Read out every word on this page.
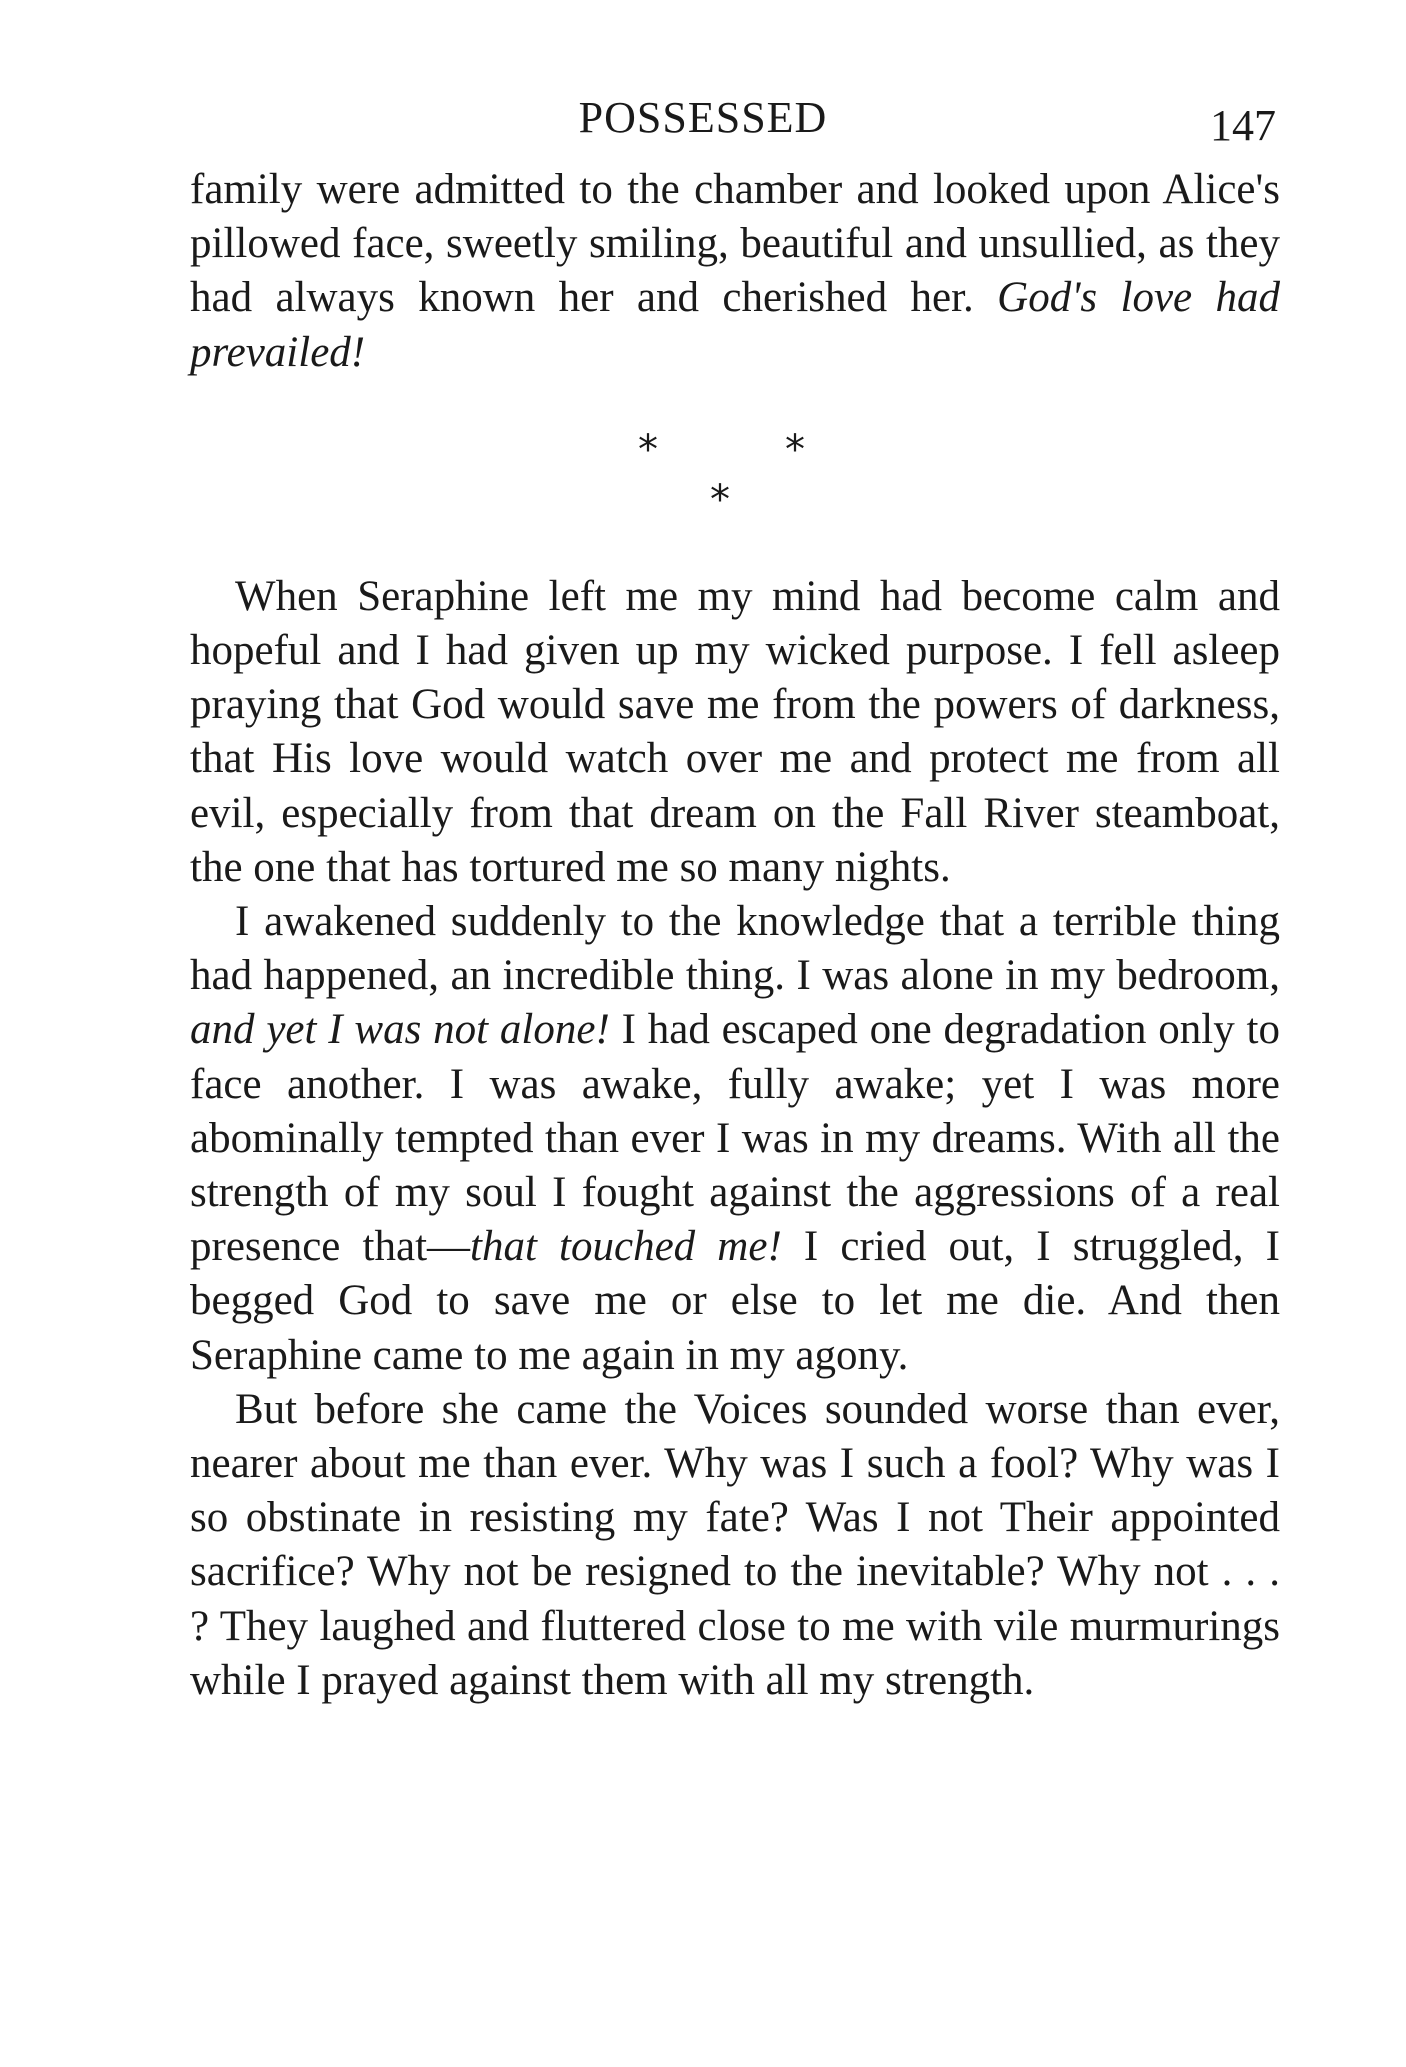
POSSESSED	147

family were admitted to the chamber and looked upon Alice's pillowed face, sweetly smiling, beautiful and unsullied, as they had always known her and cherished her. God's love had prevailed!

*	*
*

When Seraphine left me my mind had become calm and hopeful and I had given up my wicked purpose. I fell asleep praying that God would save me from the powers of darkness, that His love would watch over me and protect me from all evil, especially from that dream on the Fall River steamboat, the one that has tortured me so many nights.

I awakened suddenly to the knowledge that a terrible thing had happened, an incredible thing. I was alone in my bedroom, and yet I was not alone! I had escaped one degradation only to face another. I was awake, fully awake; yet I was more abominally tempted than ever I was in my dreams. With all the strength of my soul I fought against the aggressions of a real presence that—that touched me! I cried out, I struggled, I begged God to save me or else to let me die. And then Seraphine came to me again in my agony.

But before she came the Voices sounded worse than ever, nearer about me than ever. Why was I such a fool? Why was I so obstinate in resisting my fate? Was I not Their appointed sacrifice? Why not be resigned to the inevitable? Why not . . . ? They laughed and fluttered close to me with vile murmurings while I prayed against them with all my strength.
